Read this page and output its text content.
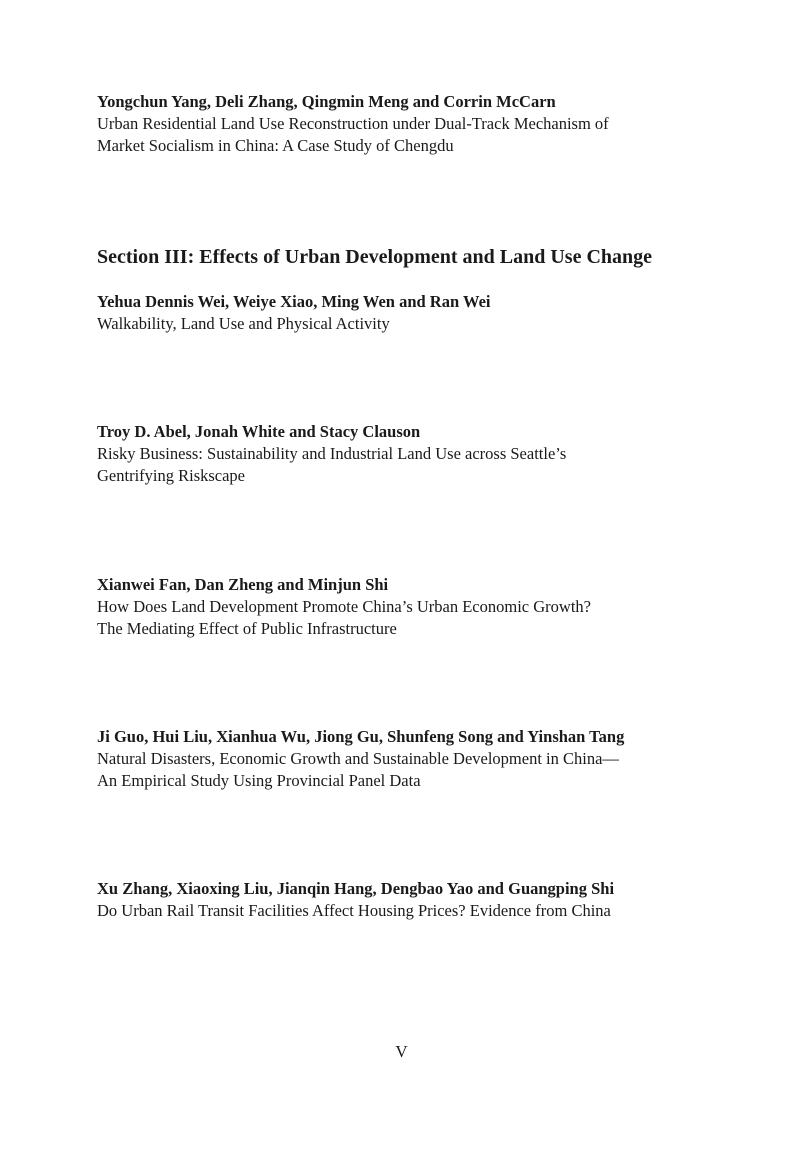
Yongchun Yang, Deli Zhang, Qingmin Meng and Corrin McCarn
Urban Residential Land Use Reconstruction under Dual-Track Mechanism of
Market Socialism in China: A Case Study of Chengdu
Section III: Effects of Urban Development and Land Use Change
Yehua Dennis Wei, Weiye Xiao, Ming Wen and Ran Wei
Walkability, Land Use and Physical Activity
Troy D. Abel, Jonah White and Stacy Clauson
Risky Business: Sustainability and Industrial Land Use across Seattle’s
Gentrifying Riskscape
Xianwei Fan, Dan Zheng and Minjun Shi
How Does Land Development Promote China’s Urban Economic Growth?
The Mediating Effect of Public Infrastructure
Ji Guo, Hui Liu, Xianhua Wu, Jiong Gu, Shunfeng Song and Yinshan Tang
Natural Disasters, Economic Growth and Sustainable Development in China—
An Empirical Study Using Provincial Panel Data
Xu Zhang, Xiaoxing Liu, Jianqin Hang, Dengbao Yao and Guangping Shi
Do Urban Rail Transit Facilities Affect Housing Prices? Evidence from China
V
